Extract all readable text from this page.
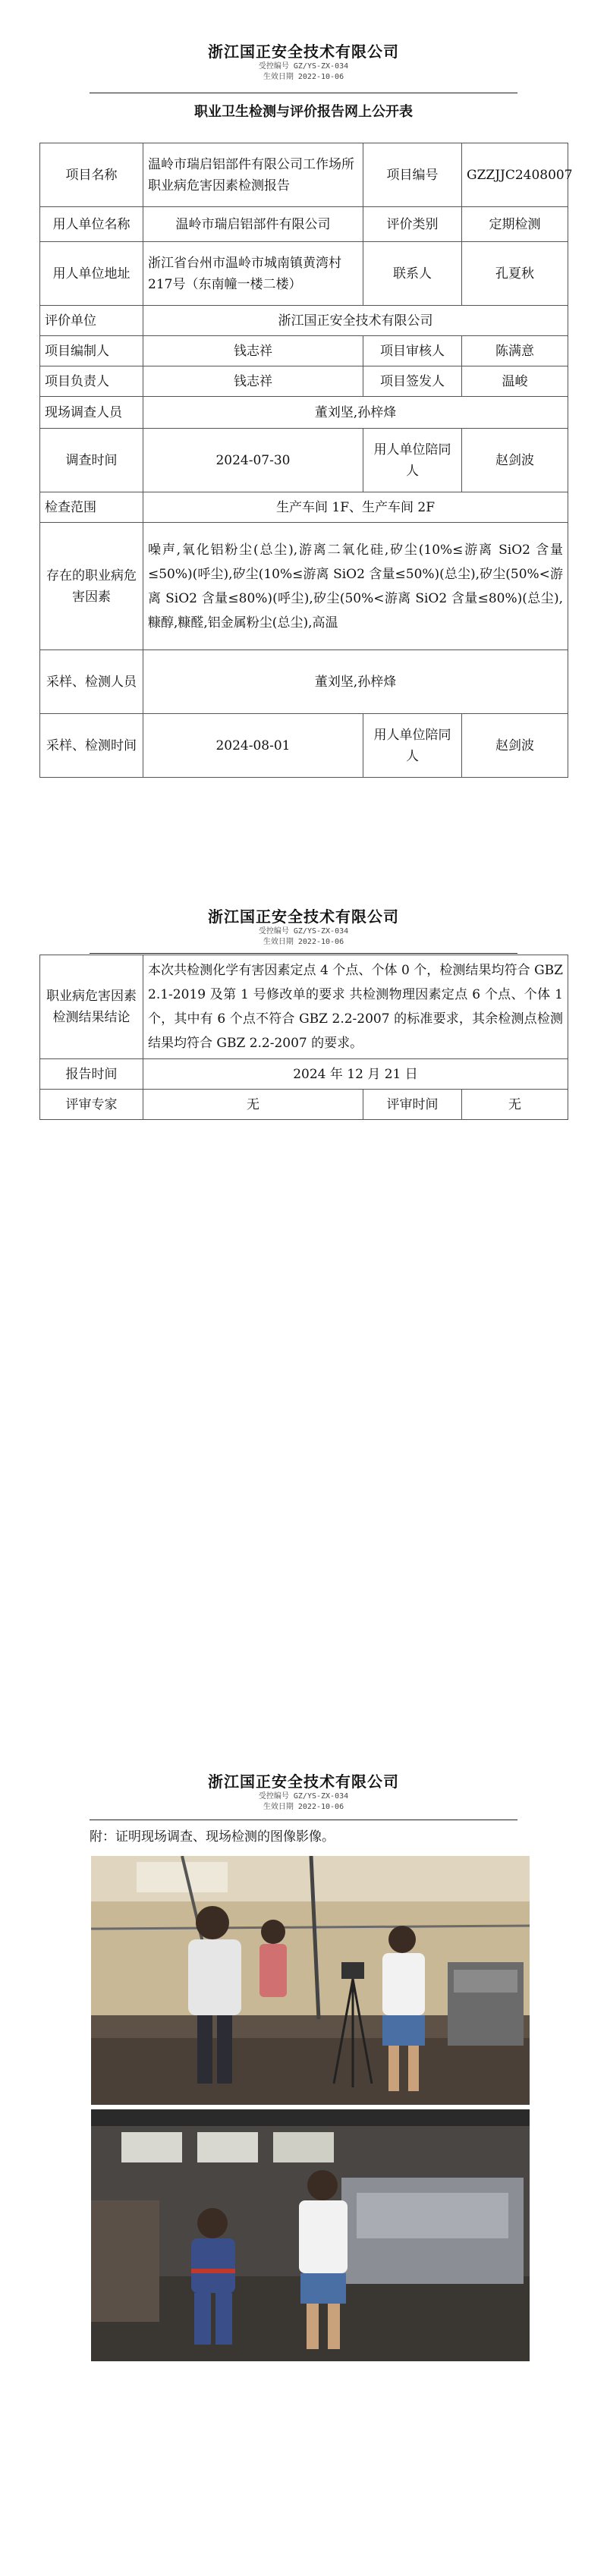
浙江国正安全技术有限公司
受控编号 GZ/YS-ZX-034
生效日期 2022-10-06
职业卫生检测与评价报告网上公开表
项目名称	温岭市瑞启铝部件有限公司工作场所职业病危害因素检测报告	项目编号	GZZJJC2408007
用人单位名称	温岭市瑞启铝部件有限公司	评价类别	定期检测
用人单位地址	浙江省台州市温岭市城南镇黄湾村217号（东南幢一楼二楼）	联系人	孔夏秋
评价单位	浙江国正安全技术有限公司		
项目编制人	钱志祥	项目审核人	陈满意
项目负责人	钱志祥	项目签发人	温峻
现场调查人员	董刘坚,孙梓烽		
调查时间	2024-07-30	用人单位陪同人	赵剑波
检查范围	生产车间 1F、生产车间 2F		
存在的职业病危害因素	噪声,氧化铝粉尘(总尘),游离二氧化硅,矽尘(10%≤游离 SiO2 含量≤50%)(呼尘),矽尘(10%≤游离 SiO2 含量≤50%)(总尘),矽尘(50%<游离 SiO2 含量≤80%)(呼尘),矽尘(50%<游离 SiO2 含量≤80%)(总尘),糠醇,糠醛,铝金属粉尘(总尘),高温		
采样、检测人员	董刘坚,孙梓烽		
采样、检测时间	2024-08-01	用人单位陪同人	赵剑波
浙江国正安全技术有限公司
受控编号 GZ/YS-ZX-034
生效日期 2022-10-06
职业病危害因素检测结果结论	本次共检测化学有害因素定点 4 个点、个体 0 个，检测结果均符合 GBZ 2.1-2019 及第 1 号修改单的要求 共检测物理因素定点 6 个点、个体 1 个，其中有 6 个点不符合 GBZ 2.2-2007 的标准要求，其余检测点检测结果均符合 GBZ 2.2-2007 的要求。		
报告时间	2024 年 12 月 21 日		
评审专家	无	评审时间	无
浙江国正安全技术有限公司
受控编号 GZ/YS-ZX-034
生效日期 2022-10-06
附：证明现场调查、现场检测的图像影像。
